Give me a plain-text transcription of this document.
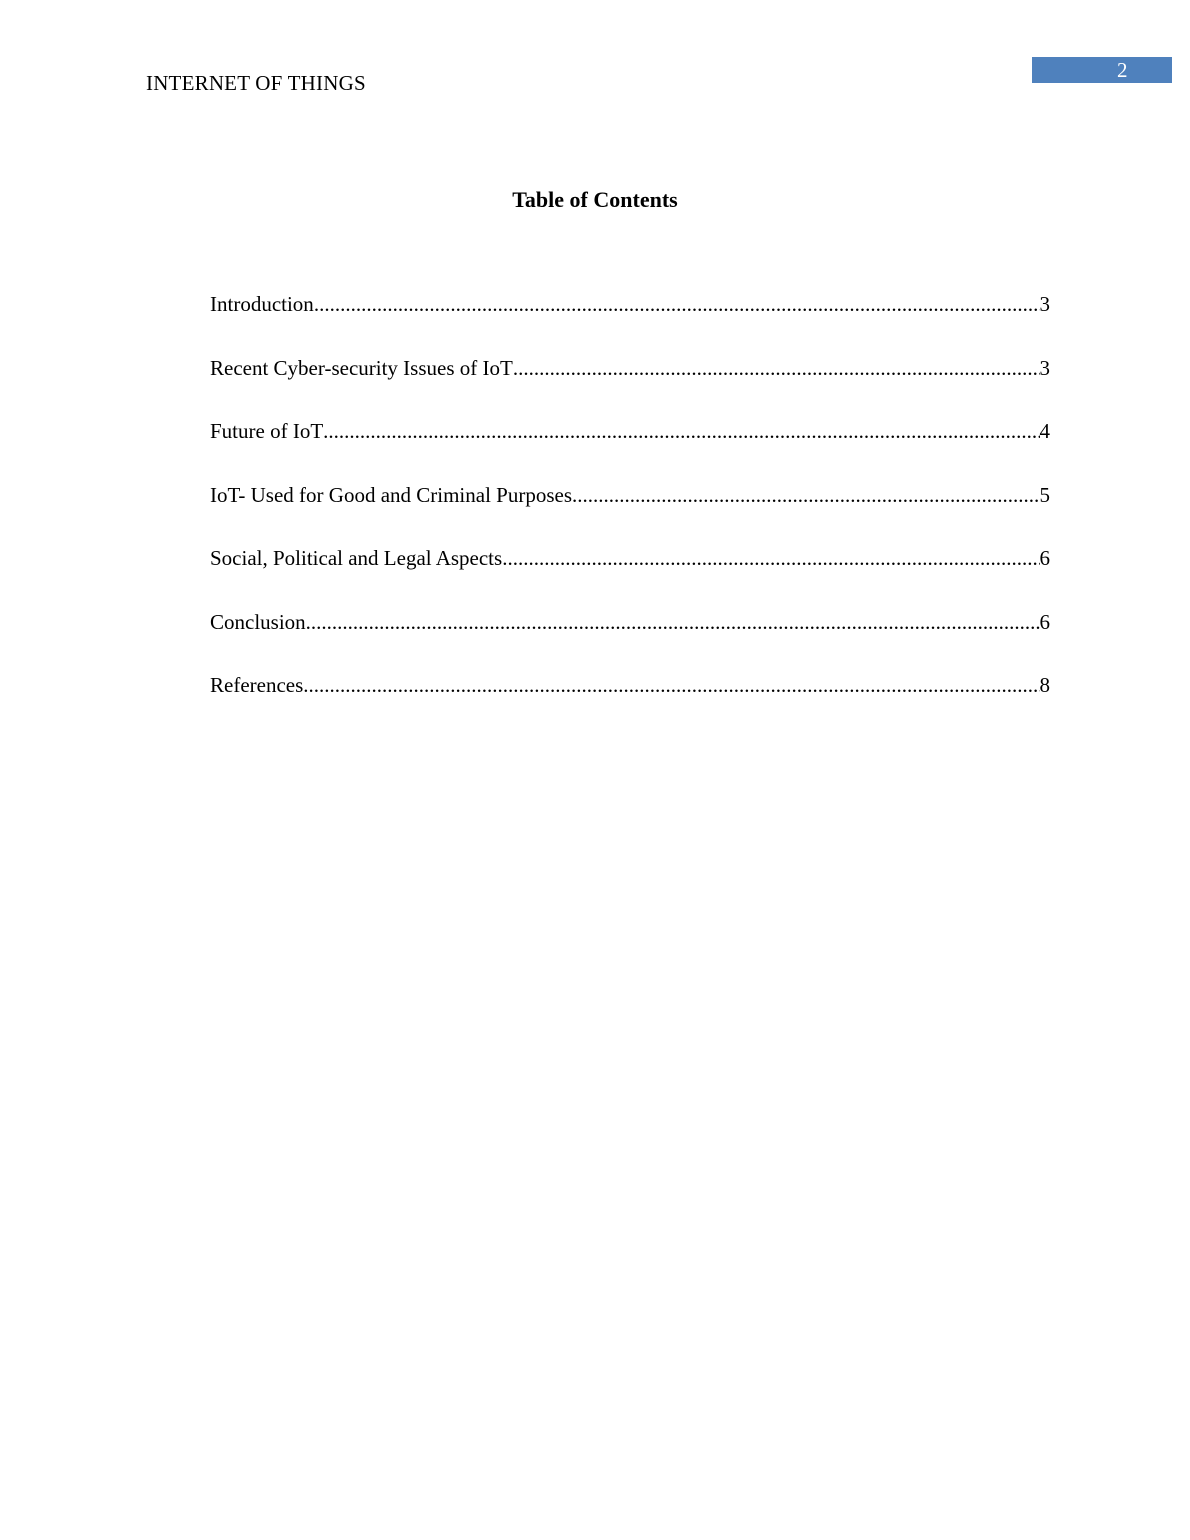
INTERNET OF THINGS
2
Table of Contents
Introduction .....	3
Recent Cyber-security Issues of IoT .....	3
Future of IoT .....	4
IoT- Used for Good and Criminal Purposes .....	5
Social, Political and Legal Aspects .....	6
Conclusion .....	6
References .....	8
